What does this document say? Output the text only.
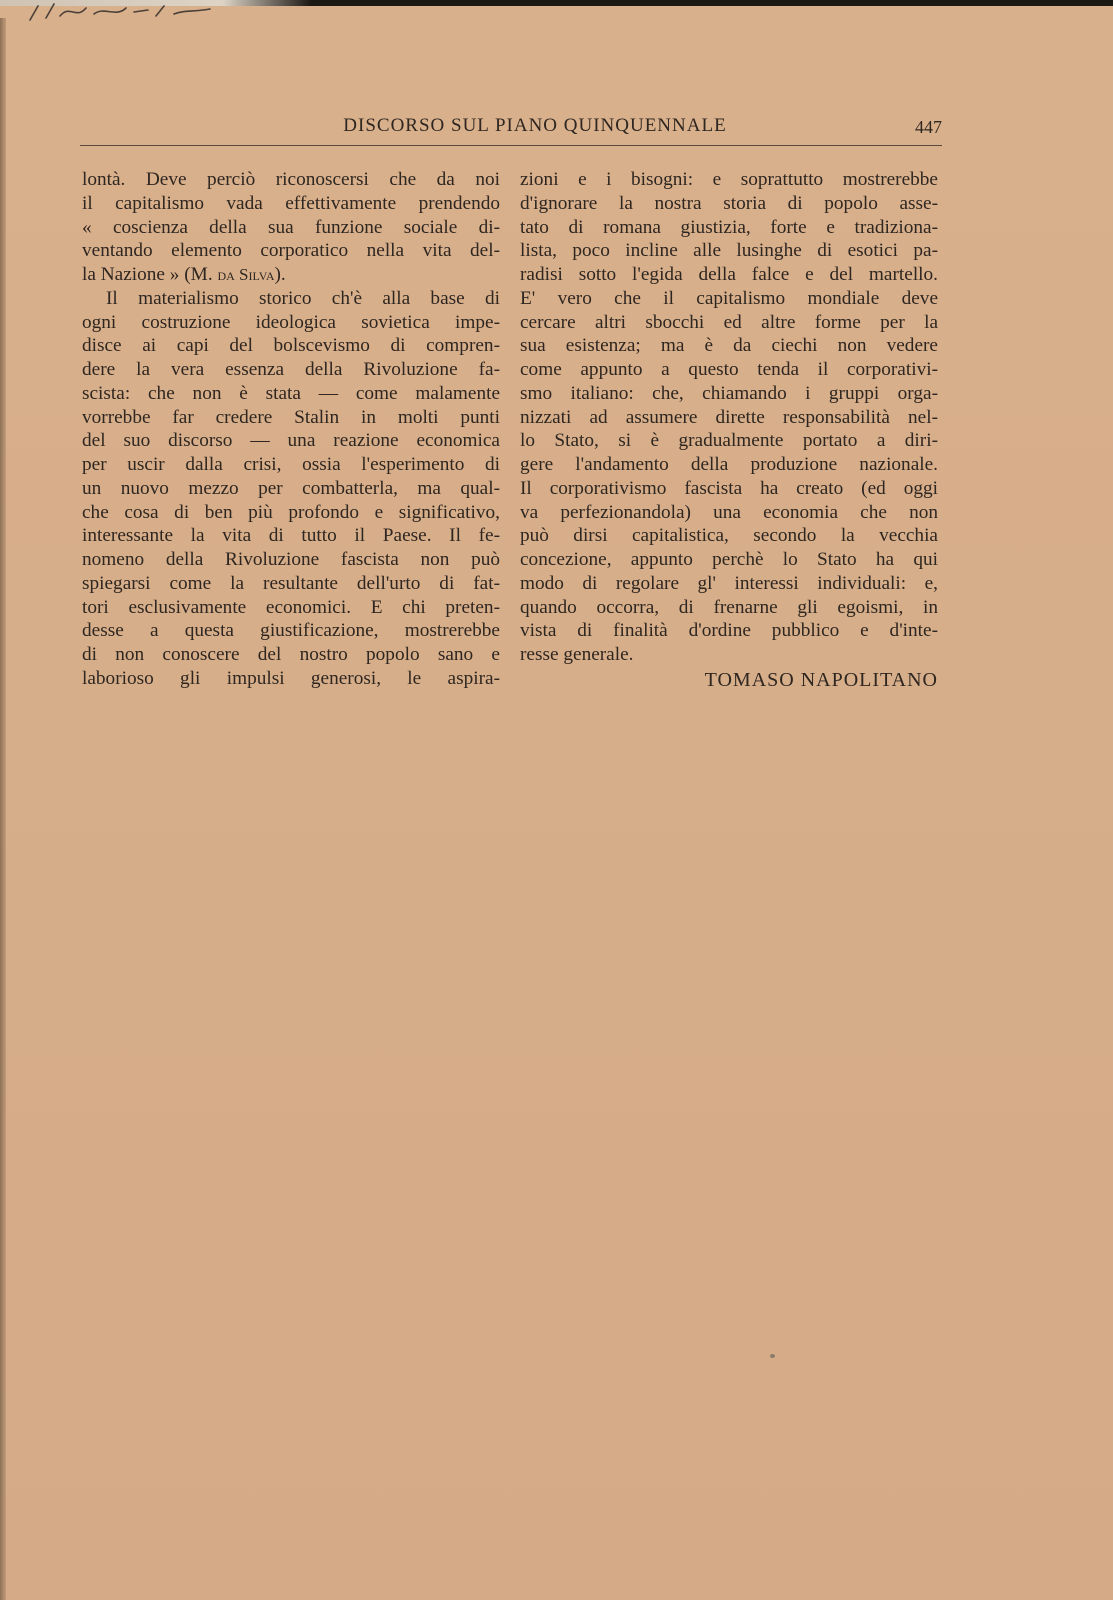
DISCORSO SUL PIANO QUINQUENNALE	447
lontà. Deve perciò riconoscersi che da noi
il capitalismo vada effettivamente prendendo
« coscienza della sua funzione sociale di-
ventando elemento corporatico nella vita del-
la Nazione » (M. da Silva).
Il materialismo storico ch'è alla base di
ogni costruzione ideologica sovietica impe-
disce ai capi del bolscevismo di compren-
dere la vera essenza della Rivoluzione fa-
scista: che non è stata — come malamente
vorrebbe far credere Stalin in molti punti
del suo discorso — una reazione economica
per uscir dalla crisi, ossia l'esperimento di
un nuovo mezzo per combatterla, ma qual-
che cosa di ben più profondo e significativo,
interessante la vita di tutto il Paese. Il fe-
nomeno della Rivoluzione fascista non può
spiegarsi come la resultante dell'urto di fat-
tori esclusivamente economici. E chi preten-
desse a questa giustificazione, mostrerebbe
di non conoscere del nostro popolo sano e
laborioso gli impulsi generosi, le aspira-
zioni e i bisogni: e soprattutto mostrerebbe
d'ignorare la nostra storia di popolo asse-
tato di romana giustizia, forte e tradiziona-
lista, poco incline alle lusinghe di esotici pa-
radisi sotto l'egida della falce e del martello.
E' vero che il capitalismo mondiale deve
cercare altri sbocchi ed altre forme per la
sua esistenza; ma è da ciechi non vedere
come appunto a questo tenda il corporativi-
smo italiano: che, chiamando i gruppi orga-
nizzati ad assumere dirette responsabilità nel-
lo Stato, si è gradualmente portato a diri-
gere l'andamento della produzione nazionale.
Il corporativismo fascista ha creato (ed oggi
va perfezionandola) una economia che non
può dirsi capitalistica, secondo la vecchia
concezione, appunto perchè lo Stato ha qui
modo di regolare gl' interessi individuali: e,
quando occorra, di frenarne gli egoismi, in
vista di finalità d'ordine pubblico e d'inte-
resse generale.
TOMASO NAPOLITANO
